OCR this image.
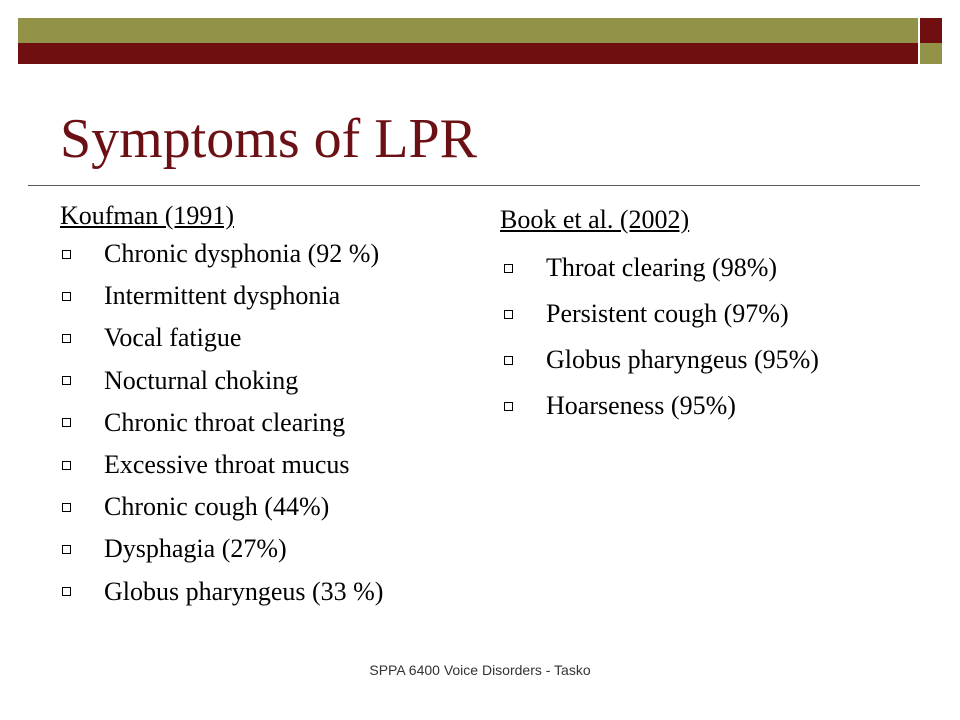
Symptoms of LPR
Koufman (1991)
Chronic dysphonia (92 %)
Intermittent dysphonia
Vocal fatigue
Nocturnal choking
Chronic throat clearing
Excessive throat mucus
Chronic cough (44%)
Dysphagia (27%)
Globus pharyngeus (33 %)
Book et al. (2002)
Throat clearing (98%)
Persistent cough (97%)
Globus pharyngeus (95%)
Hoarseness (95%)
SPPA 6400 Voice Disorders - Tasko
